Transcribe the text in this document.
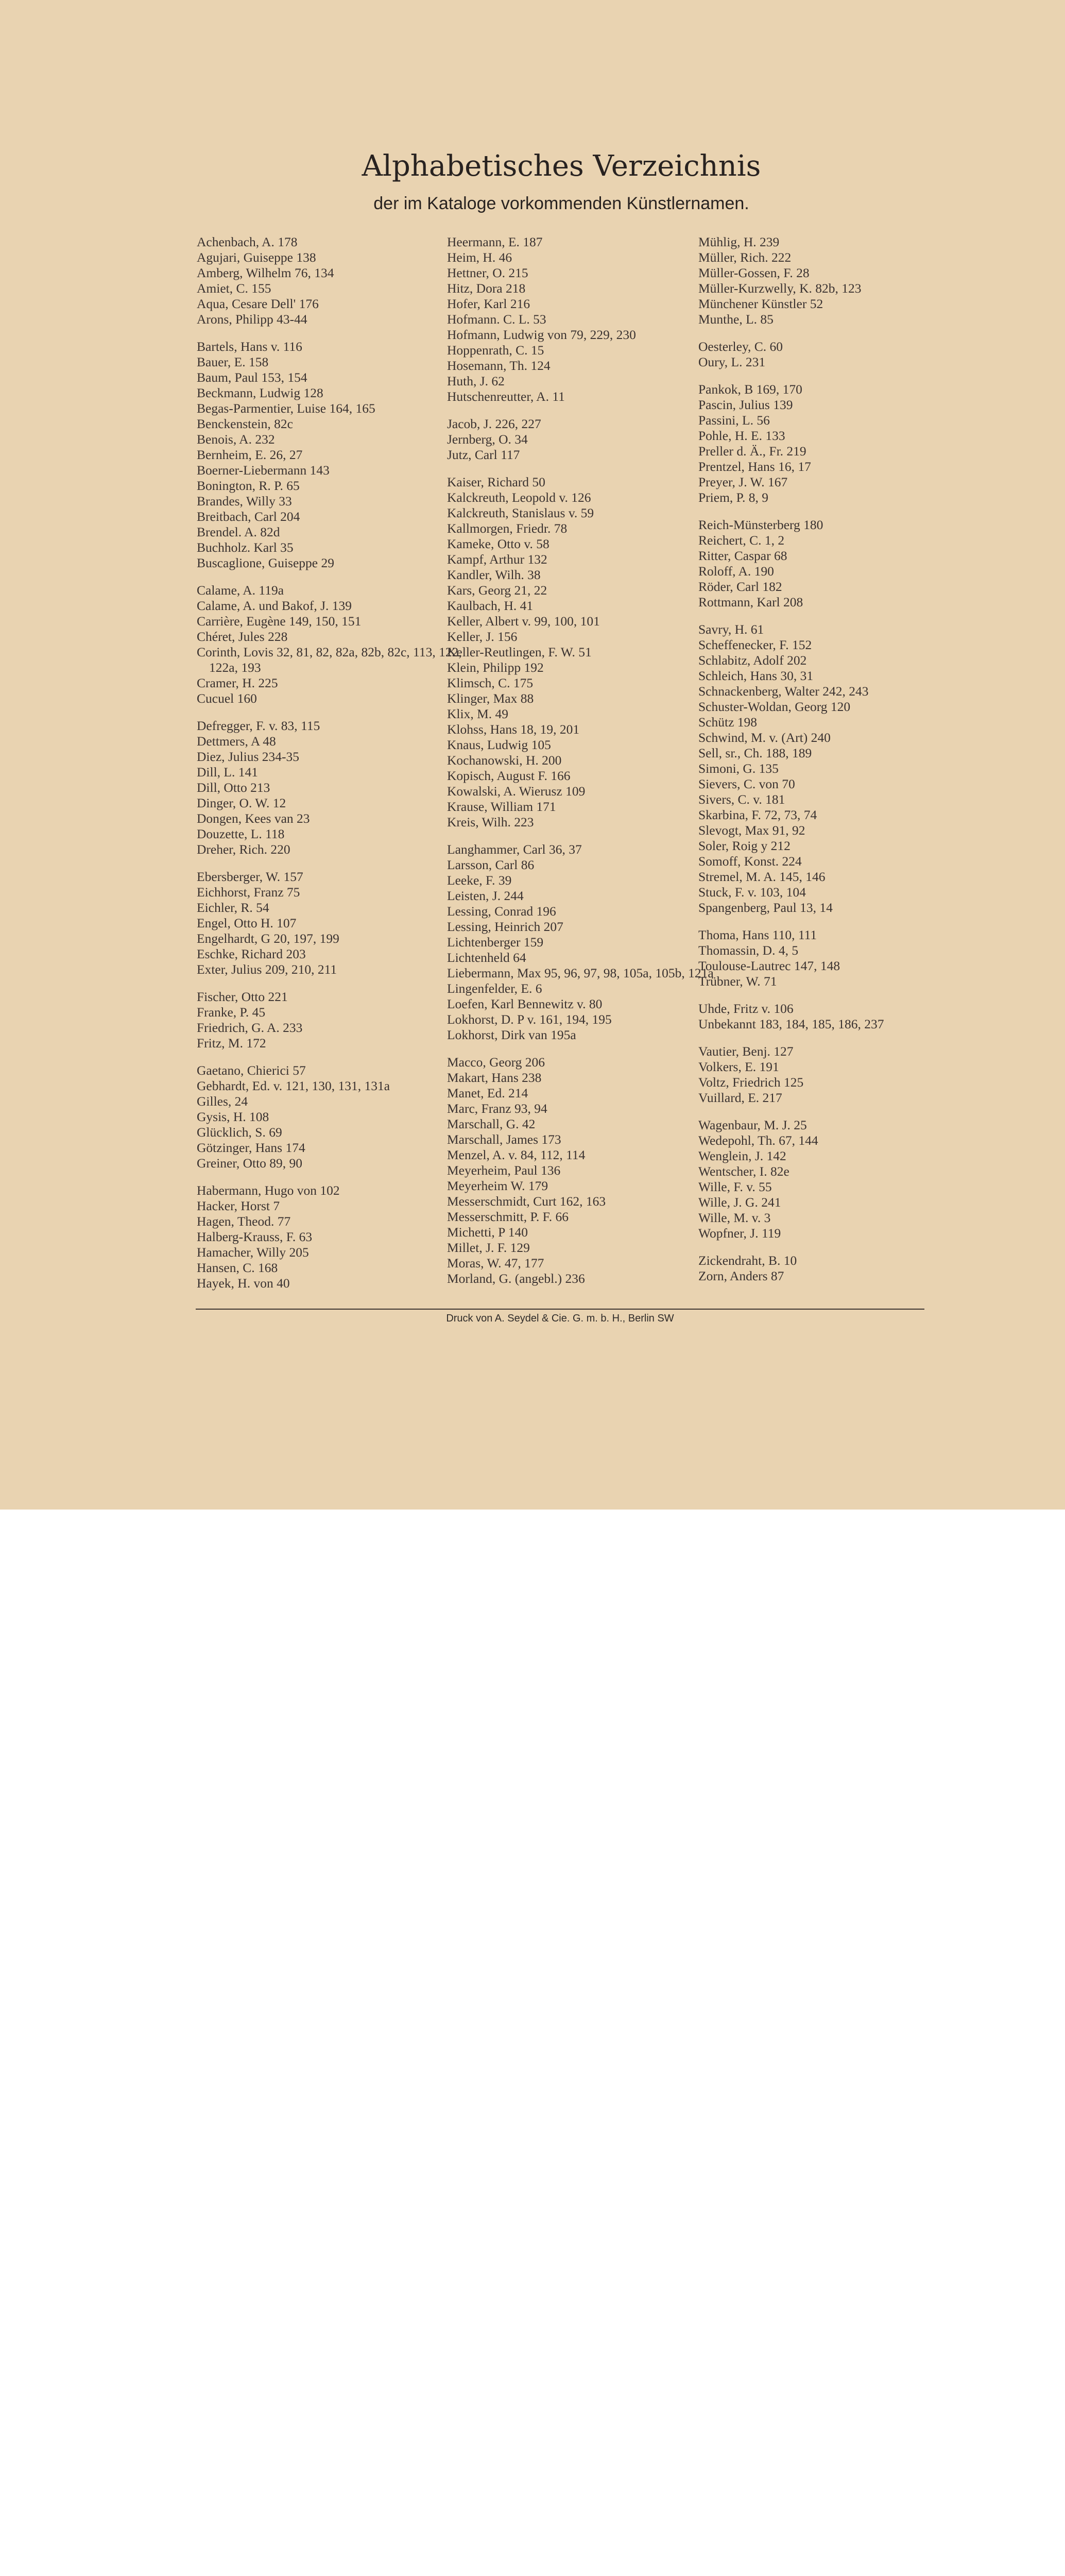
Alphabetisches Verzeichnis
der im Kataloge vorkommenden Künstlernamen.
Achenbach, A. 178
Agujari, Guiseppe 138
Amberg, Wilhelm 76, 134
Amiet, C. 155
Aqua, Cesare Dell' 176
Arons, Philipp 43-44
Bartels, Hans v. 116
Bauer, E. 158
Baum, Paul 153, 154
Beckmann, Ludwig 128
Begas-Parmentier, Luise 164, 165
Benckenstein, 82c
Benois, A. 232
Bernheim, E. 26, 27
Boerner-Liebermann 143
Bonington, R. P. 65
Brandes, Willy 33
Breitbach, Carl 204
Brendel. A. 82d
Buchholz. Karl 35
Buscaglione, Guiseppe 29
Calame, A. 119a
Calame, A. und Bakof, J. 139
Carrière, Eugène 149, 150, 151
Chéret, Jules 228
Corinth, Lovis 32, 81, 82, 82a, 82b, 82c, 113, 122, 122a, 193
Cramer, H. 225
Cucuel 160
Defregger, F. v. 83, 115
Dettmers, A 48
Diez, Julius 234-35
Dill, L. 141
Dill, Otto 213
Dinger, O. W. 12
Dongen, Kees van 23
Douzette, L. 118
Dreher, Rich. 220
Ebersberger, W. 157
Eichhorst, Franz 75
Eichler, R. 54
Engel, Otto H. 107
Engelhardt, G 20, 197, 199
Eschke, Richard 203
Exter, Julius 209, 210, 211
Fischer, Otto 221
Franke, P. 45
Friedrich, G. A. 233
Fritz, M. 172
Gaetano, Chierici 57
Gebhardt, Ed. v. 121, 130, 131, 131a
Gilles, 24
Gysis, H. 108
Glücklich, S. 69
Götzinger, Hans 174
Greiner, Otto 89, 90
Habermann, Hugo von 102
Hacker, Horst 7
Hagen, Theod. 77
Halberg-Krauss, F. 63
Hamacher, Willy 205
Hansen, C. 168
Hayek, H. von 40
Heermann, E. 187
Heim, H. 46
Hettner, O. 215
Hitz, Dora 218
Hofer, Karl 216
Hofmann. C. L. 53
Hofmann, Ludwig von 79, 229, 230
Hoppenrath, C. 15
Hosemann, Th. 124
Huth, J. 62
Hutschenreutter, A. 11
Jacob, J. 226, 227
Jernberg, O. 34
Jutz, Carl 117
Kaiser, Richard 50
Kalckreuth, Leopold v. 126
Kalckreuth, Stanislaus v. 59
Kallmorgen, Friedr. 78
Kameke, Otto v. 58
Kampf, Arthur 132
Kandler, Wilh. 38
Kars, Georg 21, 22
Kaulbach, H. 41
Keller, Albert v. 99, 100, 101
Keller, J. 156
Keller-Reutlingen, F. W. 51
Klein, Philipp 192
Klimsch, C. 175
Klinger, Max 88
Klix, M. 49
Klohss, Hans 18, 19, 201
Knaus, Ludwig 105
Kochanowski, H. 200
Kopisch, August F. 166
Kowalski, A. Wierusz 109
Krause, William 171
Kreis, Wilh. 223
Langhammer, Carl 36, 37
Larsson, Carl 86
Leeke, F. 39
Leisten, J. 244
Lessing, Conrad 196
Lessing, Heinrich 207
Lichtenberger 159
Lichtenheld 64
Liebermann, Max 95, 96, 97, 98, 105a, 105b, 121a
Lingenfelder, E. 6
Loefen, Karl Bennewitz v. 80
Lokhorst, D. P v. 161, 194, 195
Lokhorst, Dirk van 195a
Macco, Georg 206
Makart, Hans 238
Manet, Ed. 214
Marc, Franz 93, 94
Marschall, G. 42
Marschall, James 173
Menzel, A. v. 84, 112, 114
Meyerheim, Paul 136
Meyerheim W. 179
Messerschmidt, Curt 162, 163
Messerschmitt, P. F. 66
Michetti, P 140
Millet, J. F. 129
Moras, W. 47, 177
Morland, G. (angebl.) 236
Mühlig, H. 239
Müller, Rich. 222
Müller-Gossen, F. 28
Müller-Kurzwelly, K. 82b, 123
Münchener Künstler 52
Munthe, L. 85
Oesterley, C. 60
Oury, L. 231
Pankok, B 169, 170
Pascin, Julius 139
Passini, L. 56
Pohle, H. E. 133
Preller d. Ä., Fr. 219
Prentzel, Hans 16, 17
Preyer, J. W. 167
Priem, P. 8, 9
Reich-Münsterberg 180
Reichert, C. 1, 2
Ritter, Caspar 68
Roloff, A. 190
Röder, Carl 182
Rottmann, Karl 208
Savry, H. 61
Scheffenecker, F. 152
Schlabitz, Adolf 202
Schleich, Hans 30, 31
Schnackenberg, Walter 242, 243
Schuster-Woldan, Georg 120
Schütz 198
Schwind, M. v. (Art) 240
Sell, sr., Ch. 188, 189
Simoni, G. 135
Sievers, C. von 70
Sivers, C. v. 181
Skarbina, F. 72, 73, 74
Slevogt, Max 91, 92
Soler, Roig y 212
Somoff, Konst. 224
Stremel, M. A. 145, 146
Stuck, F. v. 103, 104
Spangenberg, Paul 13, 14
Thoma, Hans 110, 111
Thomassin, D. 4, 5
Toulouse-Lautrec 147, 148
Trübner, W. 71
Uhde, Fritz v. 106
Unbekannt 183, 184, 185, 186, 237
Vautier, Benj. 127
Volkers, E. 191
Voltz, Friedrich 125
Vuillard, E. 217
Wagenbaur, M. J. 25
Wedepohl, Th. 67, 144
Wenglein, J. 142
Wentscher, I. 82e
Wille, F. v. 55
Wille, J. G. 241
Wille, M. v. 3
Wopfner, J. 119
Zickendraht, B. 10
Zorn, Anders 87
Druck von A. Seydel & Cie. G. m. b. H., Berlin SW
